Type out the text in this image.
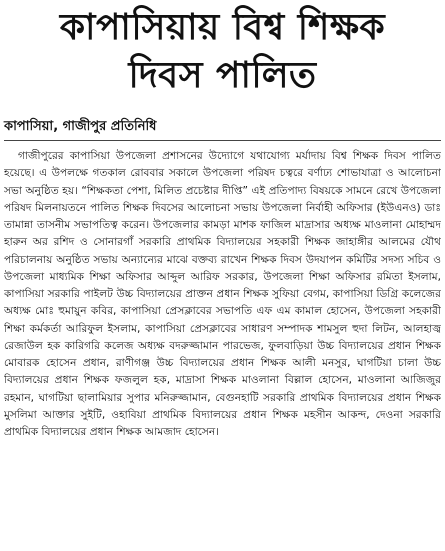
কাপাসিয়ায় বিশ্ব শিক্ষক
দিবস পালিত
কাপাসিয়া, গাজীপুর প্রতিনিধি

গাজীপুরের কাপাসিয়া উপজেলা প্রশাসনের উদ্যোগে যথাযোগ্য মর্যাদায় বিশ্ব শিক্ষক দিবস পালিত হয়েছে। এ উপলক্ষে গতকাল রোববার সকালে উপজেলা পরিষদ চত্বরে বর্ণাঢ্য শোভাযাত্রা ও আলোচনা সভা অনুষ্ঠিত হয়। “শিক্ষকতা পেশা, মিলিত প্রচেষ্টার দীপ্তি” এই প্রতিপাদ্য বিষয়কে সামনে রেখে উপজেলা পরিষদ মিলনায়তনে পালিত শিক্ষক দিবসের আলোচনা সভায় উপজেলা নির্বাহী অফিসার (ইউএনও) ডাঃ তামান্না তাসনীম সভাপতিত্ব করেন। উপজেলার কামড়া মাশক ফাজিল মাদ্রাসার অধ্যক্ষ মাওলানা মোহাম্মদ হারুন অর রশিদ ও সোনারগাঁ সরকারি প্রাথমিক বিদ্যালয়ের সহকারী শিক্ষক জাহাঙ্গীর আলমের যৌথ পরিচালনায় অনুষ্ঠিত সভায় অন্যান্যের মাঝে বক্তব্য রাখেন শিক্ষক দিবস উদযাপন কমিটির সদস্য সচিব ও উপজেলা মাধ্যমিক শিক্ষা অফিসার আব্দুল আরিফ সরকার, উপজেলা শিক্ষা অফিসার রমিতা ইসলাম, কাপাসিয়া সরকারি পাইলট উচ্চ বিদ্যালয়ের প্রাক্তন প্রধান শিক্ষক সুফিয়া বেগম, কাপাসিয়া ডিগ্রি কলেজের অধ্যক্ষ মোঃ হুমায়ুন কবির, কাপাসিয়া প্রেসক্লাবের সভাপতি এফ এম কামাল হোসেন, উপজেলা সহকারী শিক্ষা কর্মকর্তা আরিফুল ইসলাম, কাপাসিয়া প্রেসক্লাবের সাধারণ সম্পাদক শামসুল হুদা লিটন, আলহাজ্ব রেজাউল হক কারিগরি কলেজ অধ্যক্ষ বদরুজ্জামান পারভেজ, ফুলবাড়িয়া উচ্চ বিদ্যালয়ের প্রধান শিক্ষক মোবারক হোসেন প্রধান, রাণীগঞ্জ উচ্চ বিদ্যালয়ের প্রধান শিক্ষক আলী মনসুর, ঘাগটিয়া চালা উচ্চ বিদ্যালয়ের প্রধান শিক্ষক ফজলুল হক, মাদ্রাসা শিক্ষক মাওলানা বিল্লাল হোসেন, মাওলানা আজিজুর রহমান, ঘাগটিয়া ছালামিয়ার সুপার মনিরুজ্জামান, বেগুনহাটি সরকারি প্রাথমিক বিদ্যালয়ের প্রধান শিক্ষক মুসলিমা আক্তার সুইটি, ওহাবিয়া প্রাথমিক বিদ্যালয়ের প্রধান শিক্ষক মহসীন আকন্দ, দেওনা সরকারি প্রাথমিক বিদ্যালয়ের প্রধান শিক্ষক আমজাদ হোসেন।
